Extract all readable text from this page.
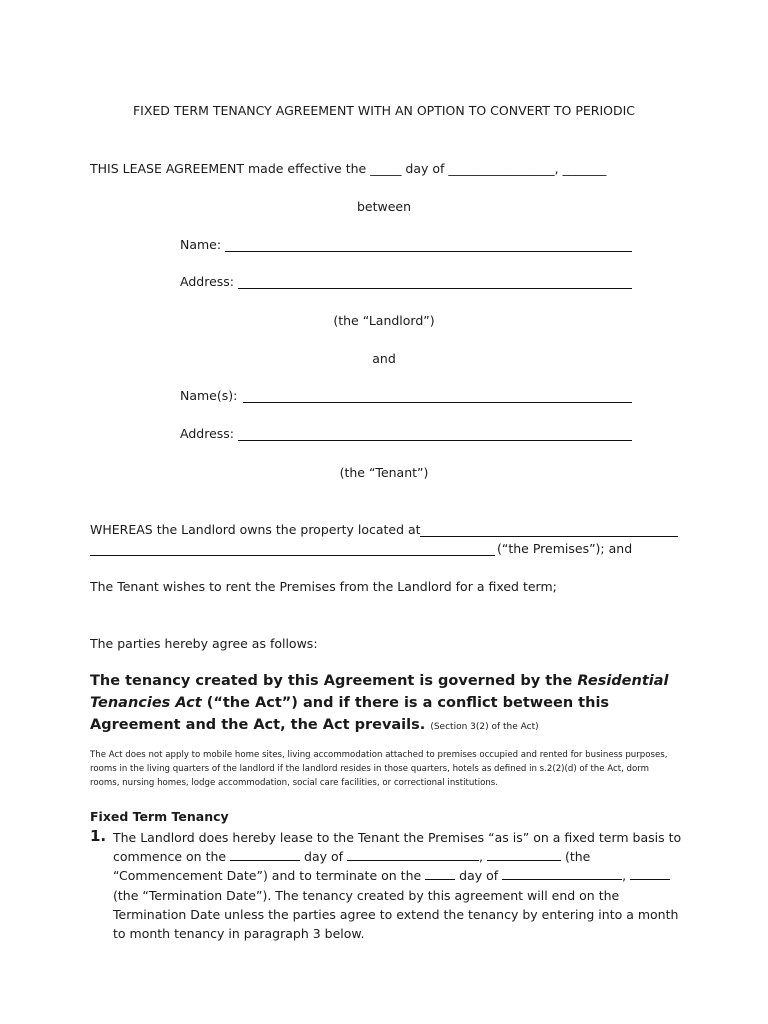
FIXED TERM TENANCY AGREEMENT WITH AN OPTION TO CONVERT TO PERIODIC
THIS LEASE AGREEMENT made effective the _____ day of _________________, _______
between
Name:
Address:
(the “Landlord”)
and
Name(s):
Address:
(the “Tenant”)
WHEREAS the Landlord owns the property located at
(“the Premises”); and
The Tenant wishes to rent the Premises from the Landlord for a fixed term;
The parties hereby agree as follows:
The tenancy created by this Agreement is governed by the Residential Tenancies Act (“the Act”) and if there is a conflict between this Agreement and the Act, the Act prevails. (Section 3(2) of the Act)
The Act does not apply to mobile home sites, living accommodation attached to premises occupied and rented for business purposes, rooms in the living quarters of the landlord if the landlord resides in those quarters, hotels as defined in s.2(2)(d) of the Act, dorm rooms, nursing homes, lodge accommodation, social care facilities, or correctional institutions.
Fixed Term Tenancy
1. The Landlord does hereby lease to the Tenant the Premises “as is” on a fixed term basis to commence on the	day of	,	(the “Commencement Date”) and to terminate on the  day of	,  (the “Termination Date”). The tenancy created by this agreement will end on the Termination Date unless the parties agree to extend the tenancy by entering into a month to month tenancy in paragraph 3 below.
